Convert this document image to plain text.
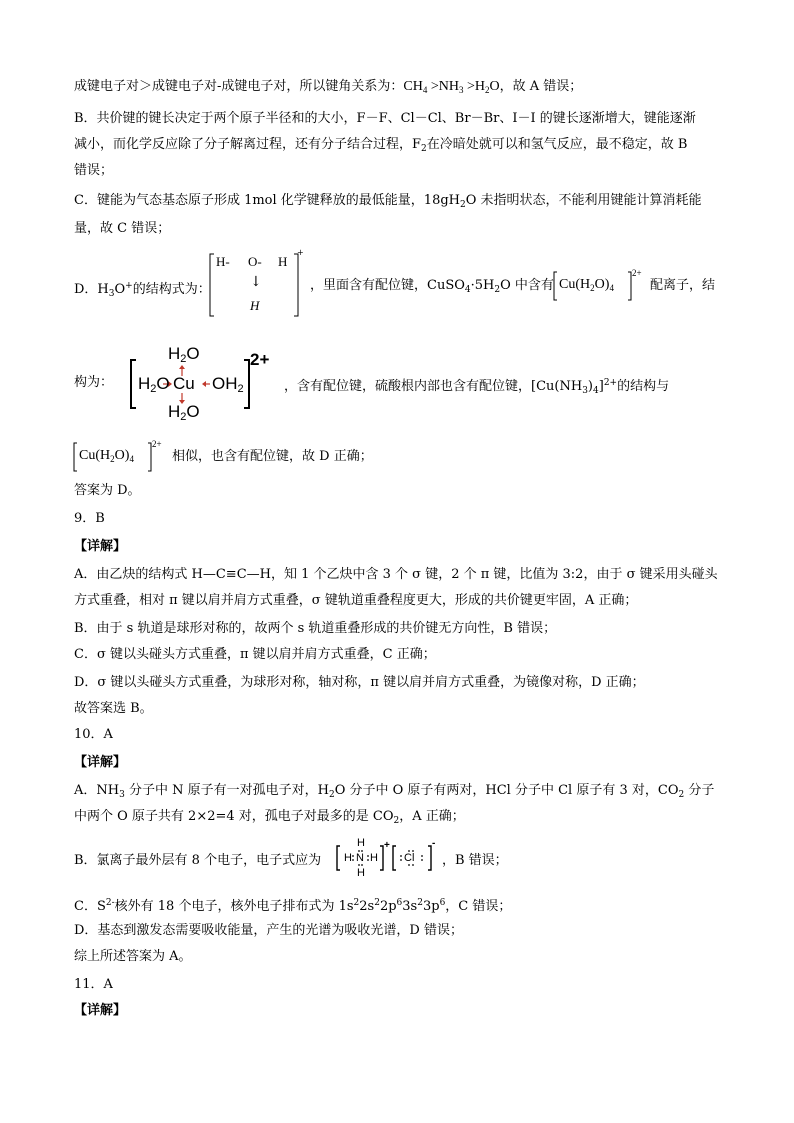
成键电子对＞成键电子对-成键电子对，所以键角关系为：$CH_4 >NH_3 >H_2O$，故 A 错误；
B．共价键的键长决定于两个原子半径和的大小，F－F、Cl－Cl、Br－Br、I－I 的键长逐渐增大，键能逐渐
减小，而化学反应除了分子解离过程，还有分子结合过程，$F_2$在冷暗处就可以和氢气反应，最不稳定，故 B
错误；
C．键能为气态基态原子形成 1mol 化学键释放的最低能量，$18gH_2O$ 未指明状态，不能利用键能计算消耗能
量，故 C 错误；
D．$H_3O^+$的结构式为：
H- O- H
↓
H
+
，里面含有配位键，$CuSO_4\cdot 5H_2O$ 中含有 $Cu(H_2O)_4$
2+
配离子，结
构为：
H2O
H2O Cu OH2
H2O
2+
，含有配位键，硫酸根内部也含有配位键，$[Cu(NH_3)_4]^{2+}$的结构与
$Cu(H_2O)_4$
2+
相似，也含有配位键，故 D 正确；
答案为 D。
9．B
【详解】
A．由乙炔的结构式 H—C≡C—H，知 1 个乙炔中含 3 个 σ 键，2 个 π 键，比值为 3:2，由于 σ 键采用头碰头
方式重叠，相对 π 键以肩并肩方式重叠，σ 键轨道重叠程度更大，形成的共价键更牢固，A 正确；
B．由于 s 轨道是球形对称的，故两个 s 轨道重叠形成的共价键无方向性，B 错误；
C．σ 键以头碰头方式重叠，π 键以肩并肩方式重叠，C 正确；
D．σ 键以头碰头方式重叠，为球形对称，轴对称，π 键以肩并肩方式重叠，为镜像对称，D 正确；
故答案选 B。
10．A
【详解】
A．$NH_3$ 分子中 N 原子有一对孤电子对，$H_2O$ 分子中 O 原子有两对，HCl 分子中 Cl 原子有 3 对，$CO_2$ 分子
中两个 O 原子共有 2×2=4 对，孤电子对最多的是 $CO_2$，A 正确；
B．氯离子最外层有 8 个电子，电子式应为
H
H N H
H
+
Cl
-
，B 错误；
C．$S^{2-}$核外有 18 个电子，核外电子排布式为 $1s^22s^22p^63s^23p^6$，C 错误；
D．基态到激发态需要吸收能量，产生的光谱为吸收光谱，D 错误；
综上所述答案为 A。
11．A
【详解】
